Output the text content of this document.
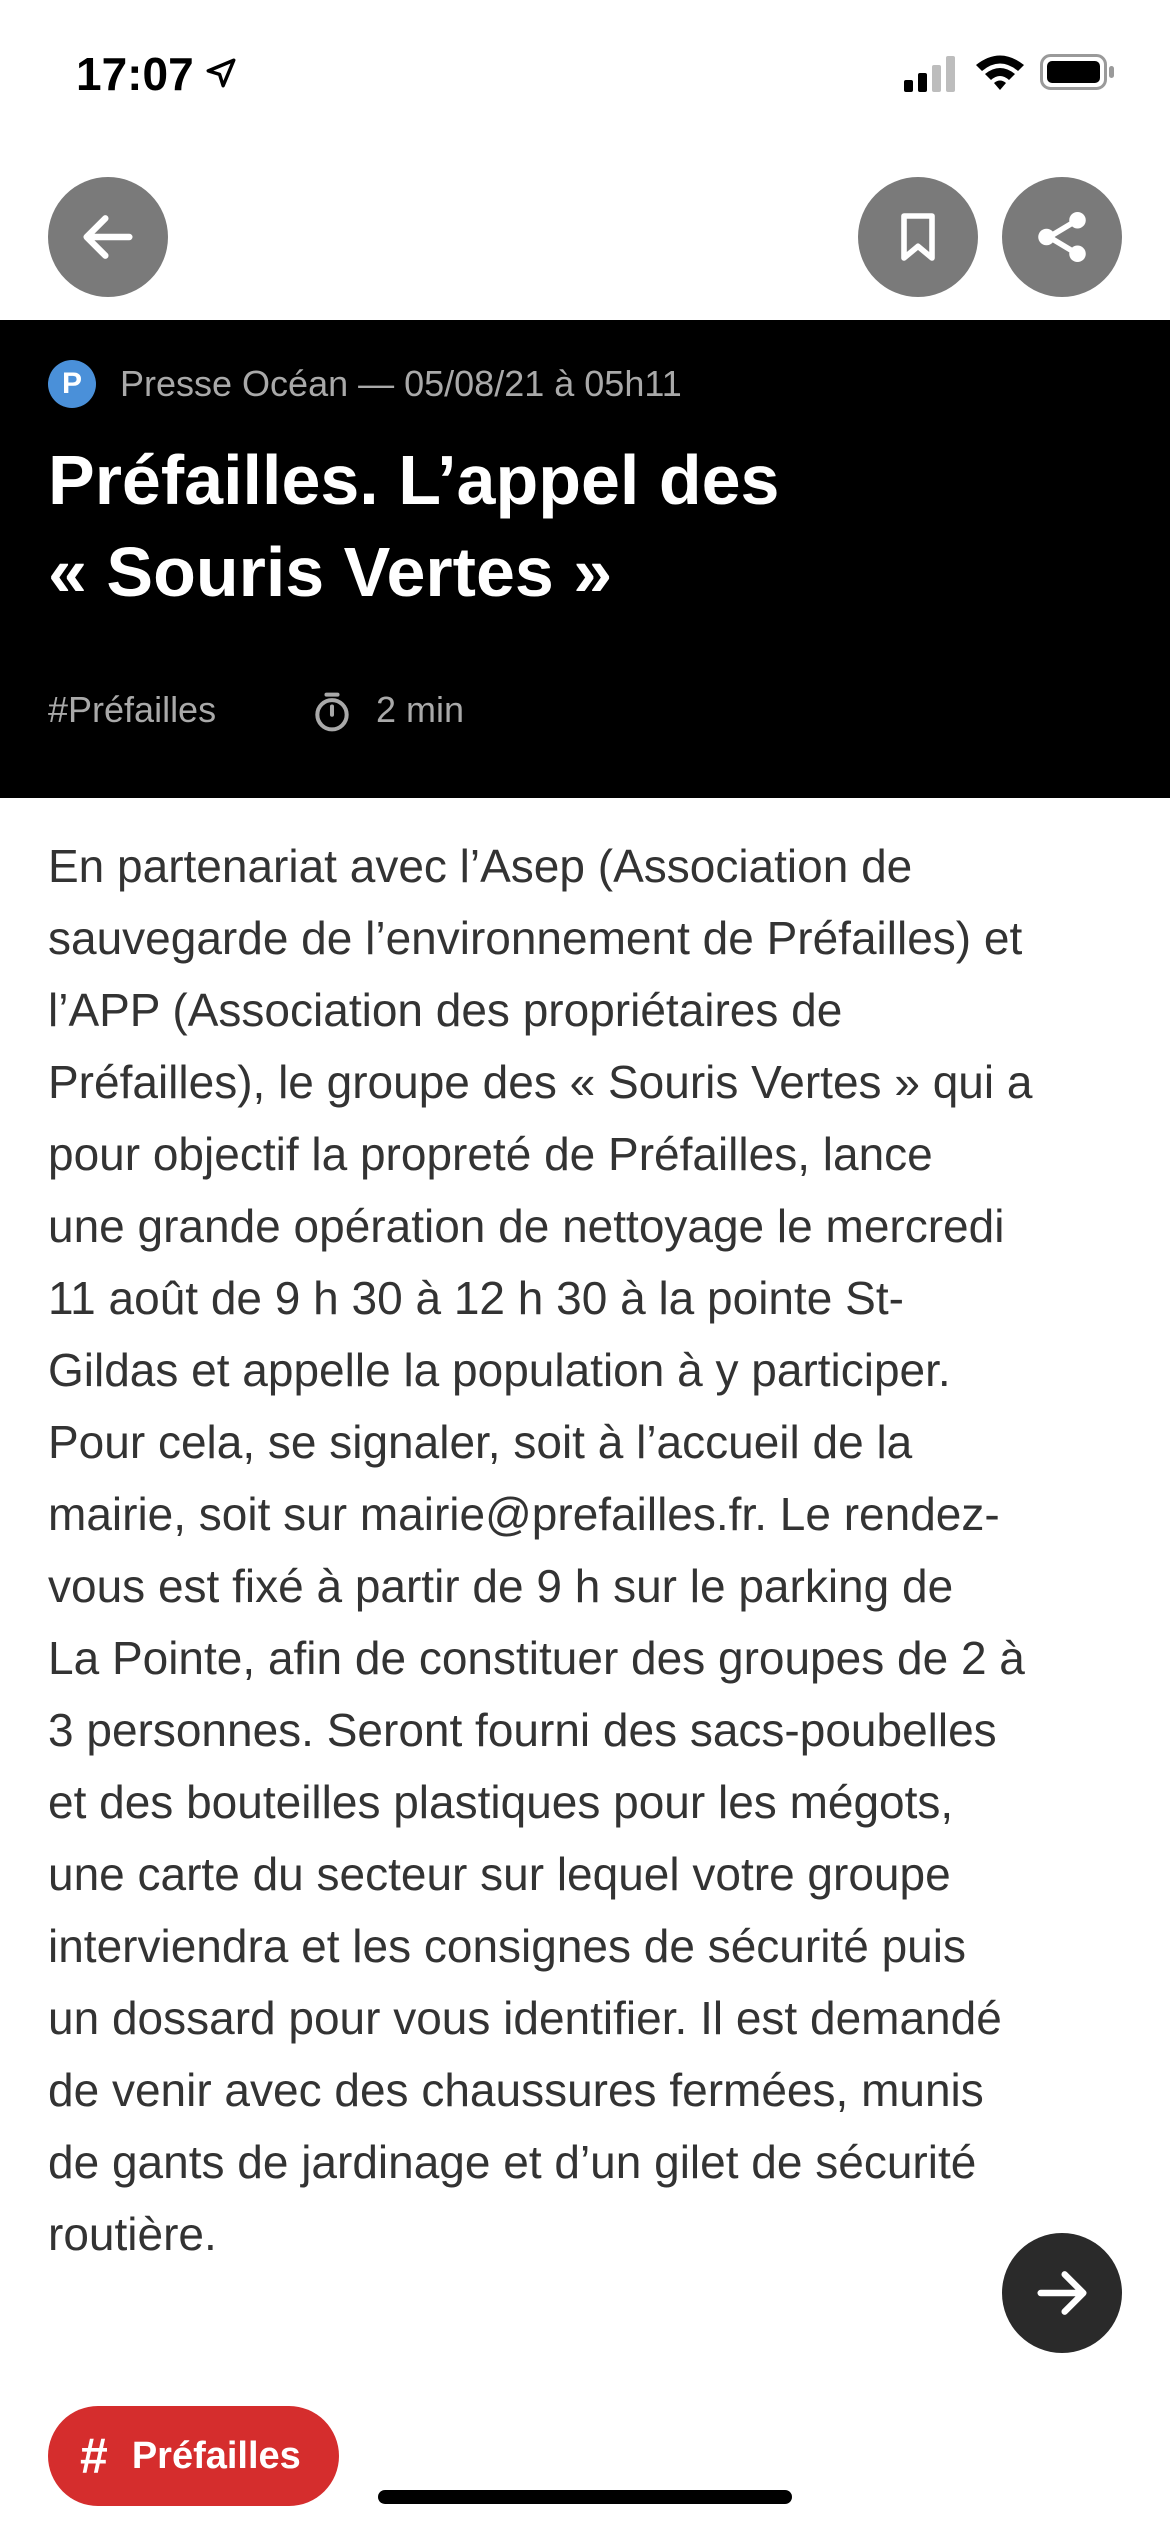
17:07
P	Presse Océan — 05/08/21 à 05h11
Préfailles. L’appel des
« Souris Vertes »
#Préfailles	2 min
En partenariat avec l’Asep (Association de
sauvegarde de l’environnement de Préfailles) et
l’APP (Association des propriétaires de
Préfailles), le groupe des « Souris Vertes » qui a
pour objectif la propreté de Préfailles, lance
une grande opération de nettoyage le mercredi
11 août de 9 h 30 à 12 h 30 à la pointe St-
Gildas et appelle la population à y participer.
Pour cela, se signaler, soit à l’accueil de la
mairie, soit sur mairie@prefailles.fr. Le rendez-
vous est fixé à partir de 9 h sur le parking de
La Pointe, afin de constituer des groupes de 2 à
3 personnes. Seront fourni des sacs-poubelles
et des bouteilles plastiques pour les mégots,
une carte du secteur sur lequel votre groupe
interviendra et les consignes de sécurité puis
un dossard pour vous identifier. Il est demandé
de venir avec des chaussures fermées, munis
de gants de jardinage et d’un gilet de sécurité
routière.
# Préfailles
